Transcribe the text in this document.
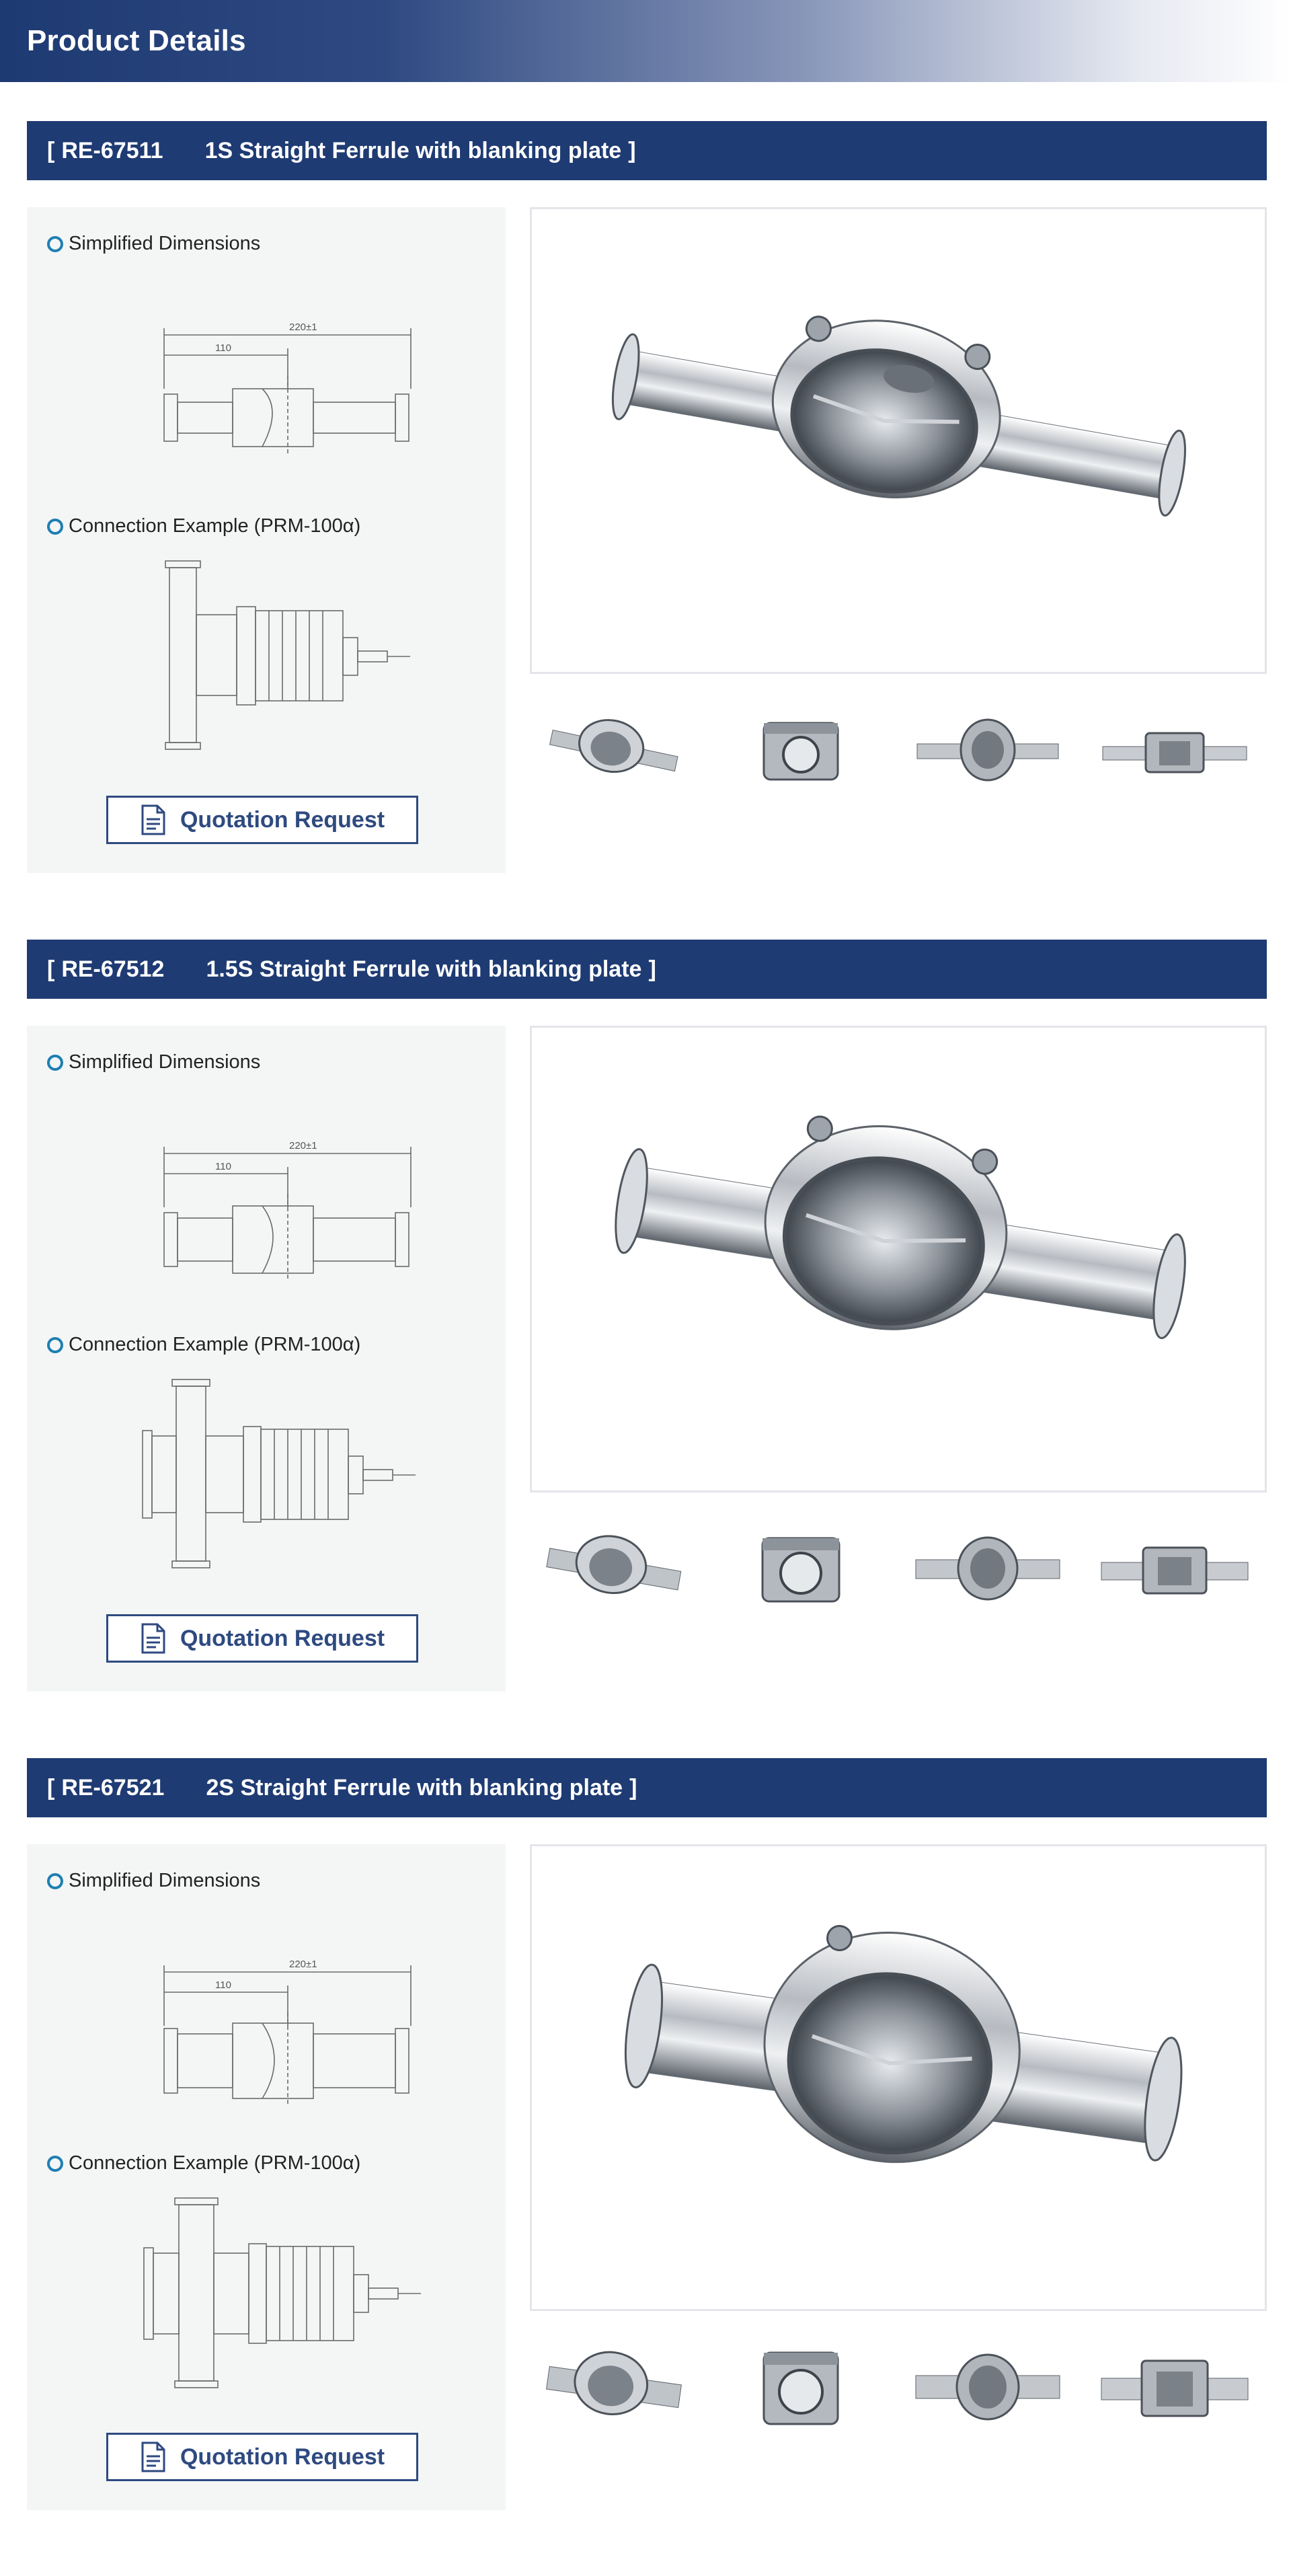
Product Details
[ RE-67511 1S Straight Ferrule with blanking plate ]
Simplified Dimensions
220±1
110
Connection Example (PRM-100α)
Quotation Request
[ RE-67512 1.5S Straight Ferrule with blanking plate ]
Simplified Dimensions
220±1
110
Connection Example (PRM-100α)
Quotation Request
[ RE-67521 2S Straight Ferrule with blanking plate ]
Simplified Dimensions
220±1
110
Connection Example (PRM-100α)
Quotation Request
